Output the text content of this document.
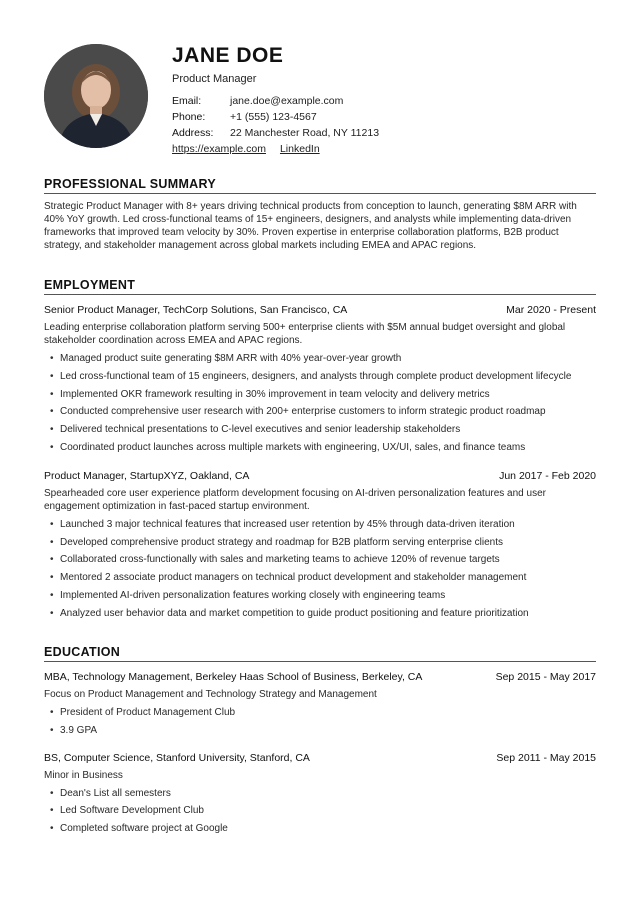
JANE DOE
Product Manager
Email:	jane.doe@example.com
Phone:	+1 (555) 123-4567
Address:	22 Manchester Road, NY 11213
https://example.com LinkedIn
PROFESSIONAL SUMMARY
Strategic Product Manager with 8+ years driving technical products from conception to launch, generating $8M ARR with 40% YoY growth. Led cross-functional teams of 15+ engineers, designers, and analysts while implementing data-driven frameworks that improved team velocity by 30%. Proven expertise in enterprise collaboration platforms, B2B product strategy, and stakeholder management across global markets including EMEA and APAC regions.
EMPLOYMENT
Senior Product Manager, TechCorp Solutions, San Francisco, CA	Mar 2020 - Present
Leading enterprise collaboration platform serving 500+ enterprise clients with $5M annual budget oversight and global stakeholder coordination across EMEA and APAC regions.
• Managed product suite generating $8M ARR with 40% year-over-year growth
• Led cross-functional team of 15 engineers, designers, and analysts through complete product development lifecycle
• Implemented OKR framework resulting in 30% improvement in team velocity and delivery metrics
• Conducted comprehensive user research with 200+ enterprise customers to inform strategic product roadmap
• Delivered technical presentations to C-level executives and senior leadership stakeholders
• Coordinated product launches across multiple markets with engineering, UX/UI, sales, and finance teams
Product Manager, StartupXYZ, Oakland, CA	Jun 2017 - Feb 2020
Spearheaded core user experience platform development focusing on AI-driven personalization features and user engagement optimization in fast-paced startup environment.
• Launched 3 major technical features that increased user retention by 45% through data-driven iteration
• Developed comprehensive product strategy and roadmap for B2B platform serving enterprise clients
• Collaborated cross-functionally with sales and marketing teams to achieve 120% of revenue targets
• Mentored 2 associate product managers on technical product development and stakeholder management
• Implemented AI-driven personalization features working closely with engineering teams
• Analyzed user behavior data and market competition to guide product positioning and feature prioritization
EDUCATION
MBA, Technology Management, Berkeley Haas School of Business, Berkeley, CA	Sep 2015 - May 2017
Focus on Product Management and Technology Strategy and Management
• President of Product Management Club
• 3.9 GPA
BS, Computer Science, Stanford University, Stanford, CA	Sep 2011 - May 2015
Minor in Business
• Dean's List all semesters
• Led Software Development Club
• Completed software project at Google
